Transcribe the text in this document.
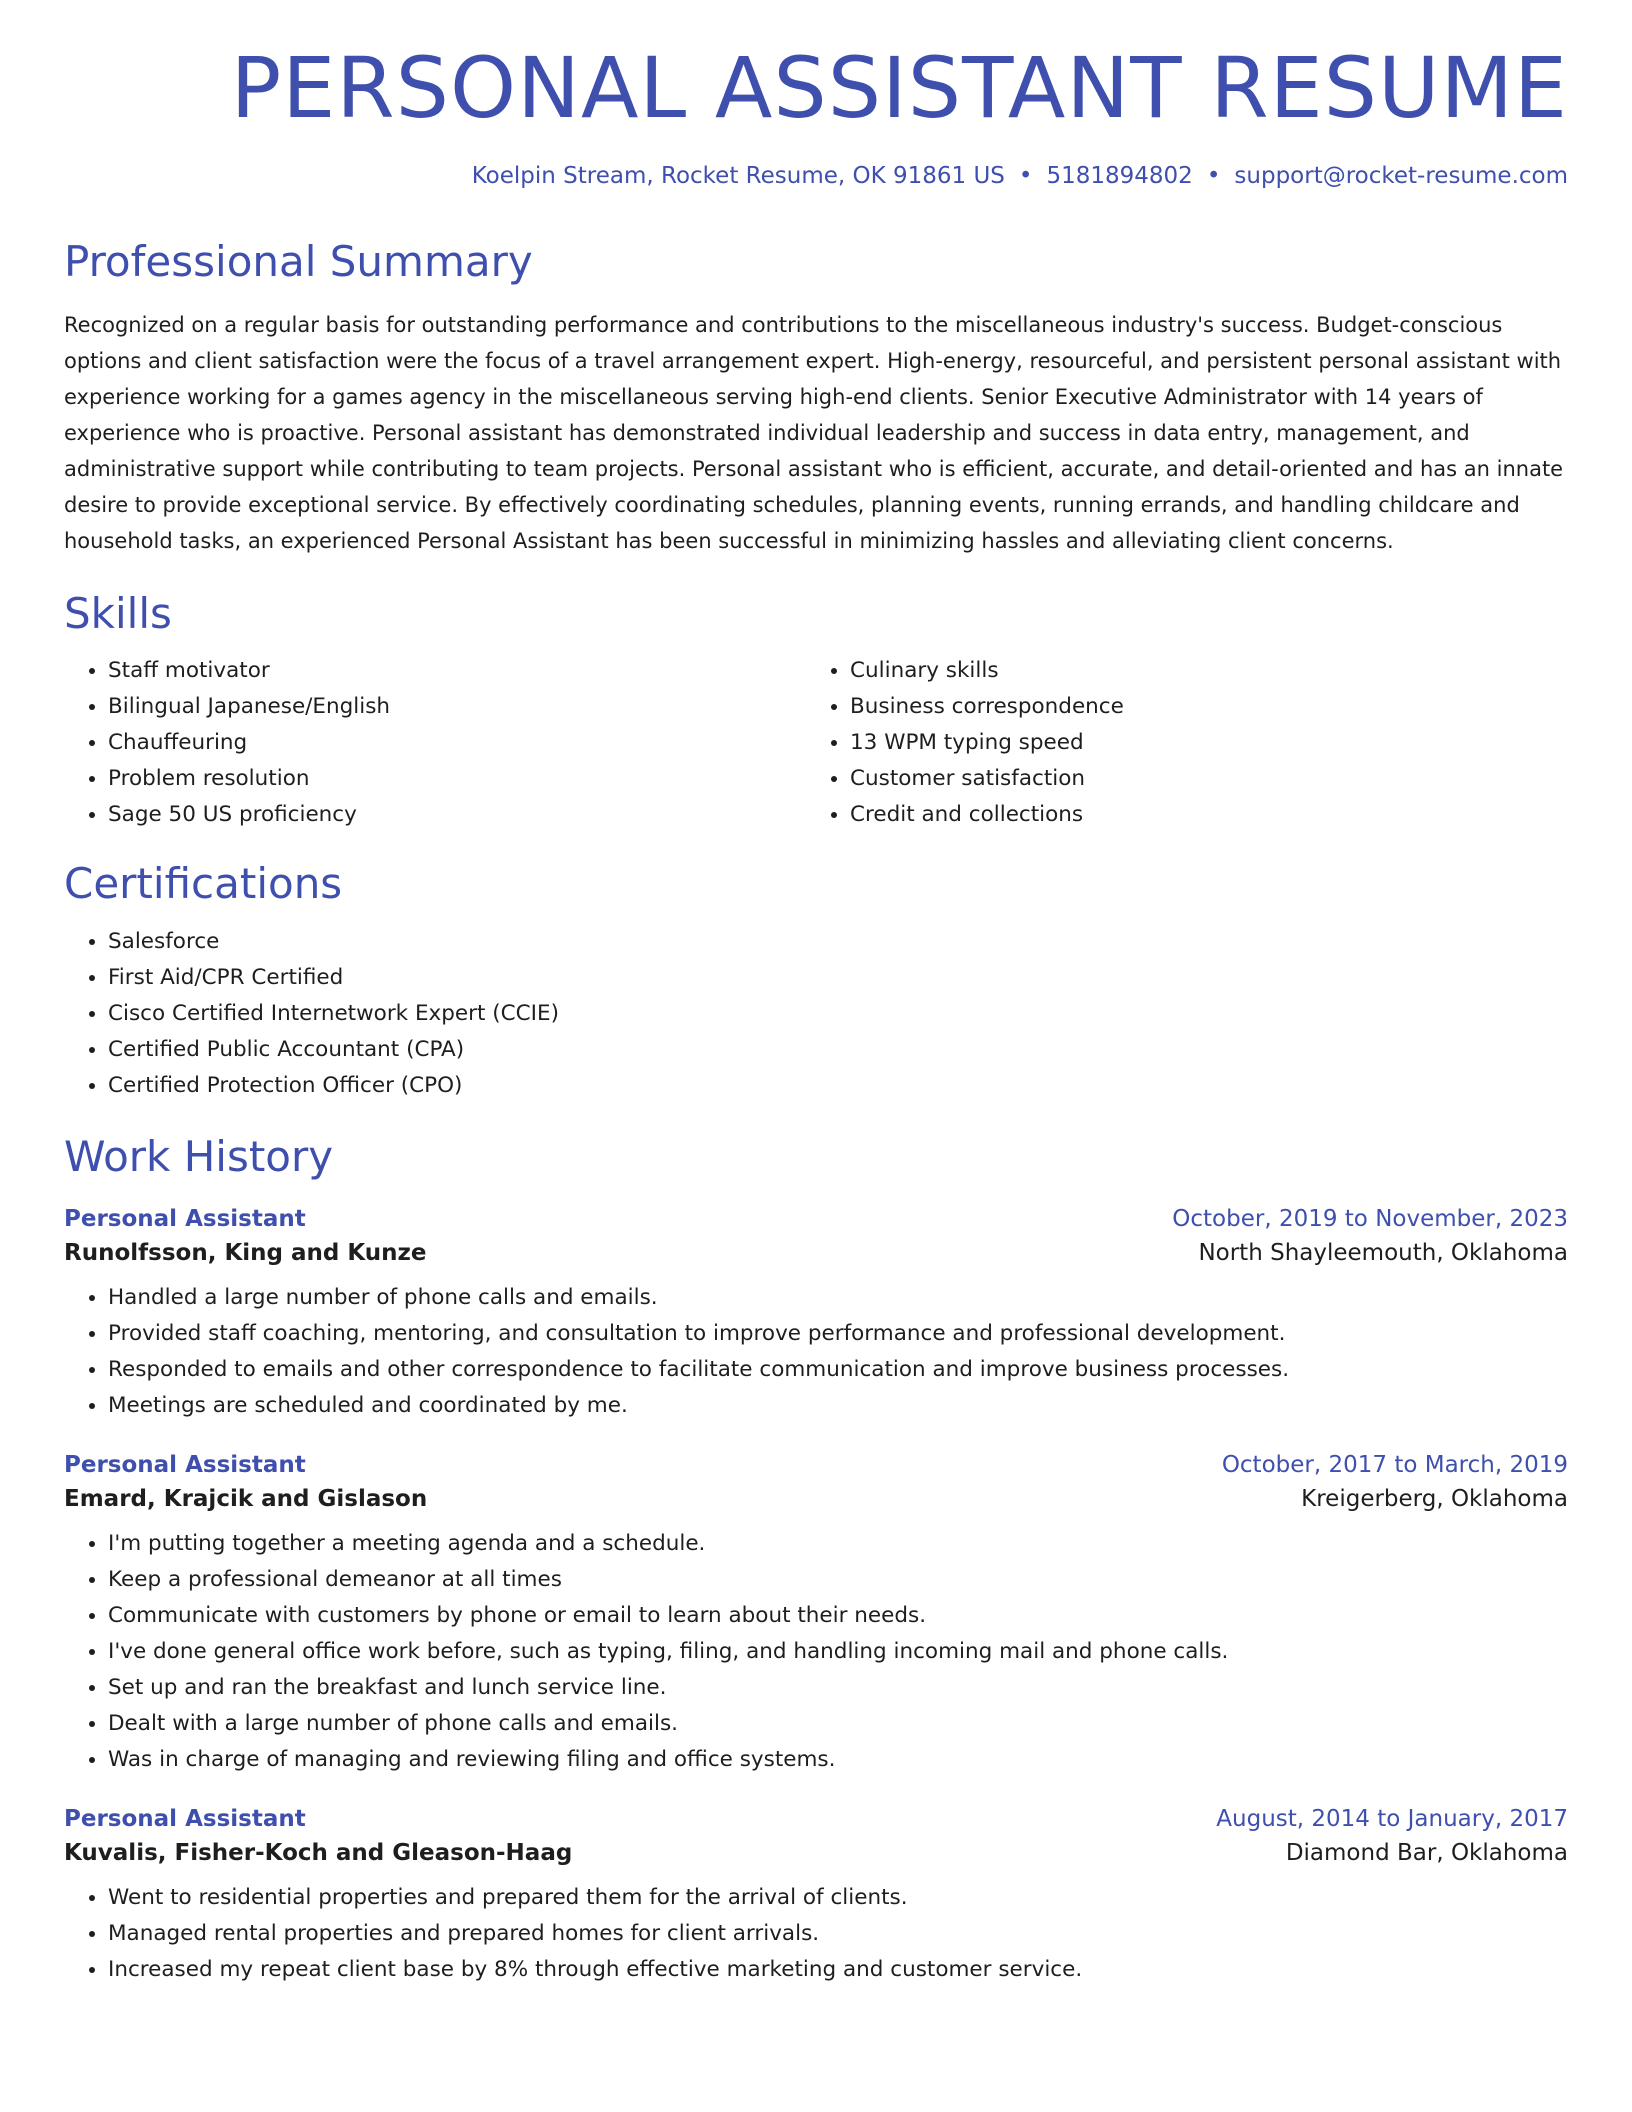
PERSONAL ASSISTANT RESUME
Koelpin Stream, Rocket Resume, OK 91861 US • 5181894802 • support@rocket-resume.com
Professional Summary
Recognized on a regular basis for outstanding performance and contributions to the miscellaneous industry's success. Budget-conscious options and client satisfaction were the focus of a travel arrangement expert. High-energy, resourceful, and persistent personal assistant with experience working for a games agency in the miscellaneous serving high-end clients. Senior Executive Administrator with 14 years of experience who is proactive. Personal assistant has demonstrated individual leadership and success in data entry, management, and administrative support while contributing to team projects. Personal assistant who is efficient, accurate, and detail-oriented and has an innate desire to provide exceptional service. By effectively coordinating schedules, planning events, running errands, and handling childcare and household tasks, an experienced Personal Assistant has been successful in minimizing hassles and alleviating client concerns.
Skills
• Staff motivator
• Bilingual Japanese/English
• Chauffeuring
• Problem resolution
• Sage 50 US proficiency
• Culinary skills
• Business correspondence
• 13 WPM typing speed
• Customer satisfaction
• Credit and collections
Certifications
• Salesforce
• First Aid/CPR Certified
• Cisco Certified Internetwork Expert (CCIE)
• Certified Public Accountant (CPA)
• Certified Protection Officer (CPO)
Work History
Personal Assistant	October, 2019 to November, 2023
Runolfsson, King and Kunze	North Shayleemouth, Oklahoma
• Handled a large number of phone calls and emails.
• Provided staff coaching, mentoring, and consultation to improve performance and professional development.
• Responded to emails and other correspondence to facilitate communication and improve business processes.
• Meetings are scheduled and coordinated by me.
Personal Assistant	October, 2017 to March, 2019
Emard, Krajcik and Gislason	Kreigerberg, Oklahoma
• I'm putting together a meeting agenda and a schedule.
• Keep a professional demeanor at all times
• Communicate with customers by phone or email to learn about their needs.
• I've done general office work before, such as typing, filing, and handling incoming mail and phone calls.
• Set up and ran the breakfast and lunch service line.
• Dealt with a large number of phone calls and emails.
• Was in charge of managing and reviewing filing and office systems.
Personal Assistant	August, 2014 to January, 2017
Kuvalis, Fisher-Koch and Gleason-Haag	Diamond Bar, Oklahoma
• Went to residential properties and prepared them for the arrival of clients.
• Managed rental properties and prepared homes for client arrivals.
• Increased my repeat client base by 8% through effective marketing and customer service.
